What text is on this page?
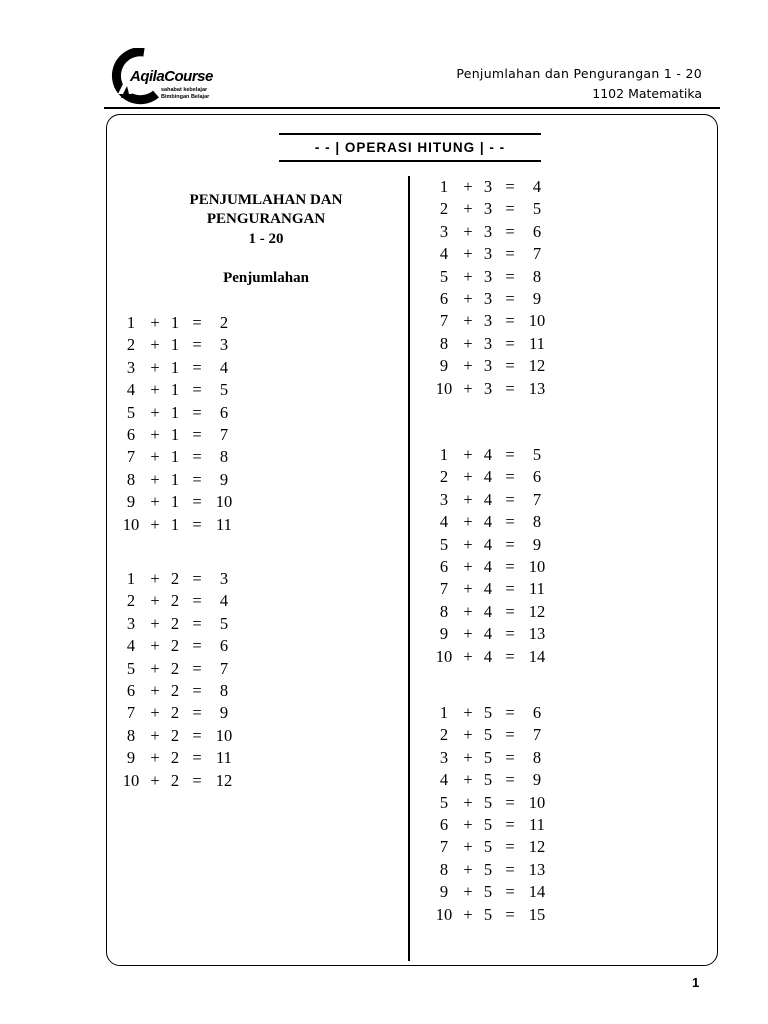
AqilaCourse
sahabat kebelajar
Bimbingan Belajar
Penjumlahan dan Pengurangan 1 - 20
1102 Matematika
- - | OPERASI HITUNG | - -
PENJUMLAHAN DAN
PENGURANGAN
1 - 20
Penjumlahan
1 + 1 =	2
2 + 1 =	3
3 + 1 =	4
4 + 1 =	5
5 + 1 =	6
6 + 1 =	7
7 + 1 =	8
8 + 1 =	9
9 + 1 = 10
10 + 1 = 11
1 + 2 =	3
2 + 2 =	4
3 + 2 =	5
4 + 2 =	6
5 + 2 =	7
6 + 2 =	8
7 + 2 =	9
8 + 2 = 10
9 + 2 = 11
10 + 2 = 12
1 + 3 =	4
2 + 3 =	5
3 + 3 =	6
4 + 3 =	7
5 + 3 =	8
6 + 3 =	9
7 + 3 = 10
8 + 3 = 11
9 + 3 = 12
10 + 3 = 13
1 + 4 =	5
2 + 4 =	6
3 + 4 =	7
4 + 4 =	8
5 + 4 =	9
6 + 4 = 10
7 + 4 = 11
8 + 4 = 12
9 + 4 = 13
10 + 4 = 14
1 + 5 =	6
2 + 5 =	7
3 + 5 =	8
4 + 5 =	9
5 + 5 = 10
6 + 5 = 11
7 + 5 = 12
8 + 5 = 13
9 + 5 = 14
10 + 5 = 15
1
